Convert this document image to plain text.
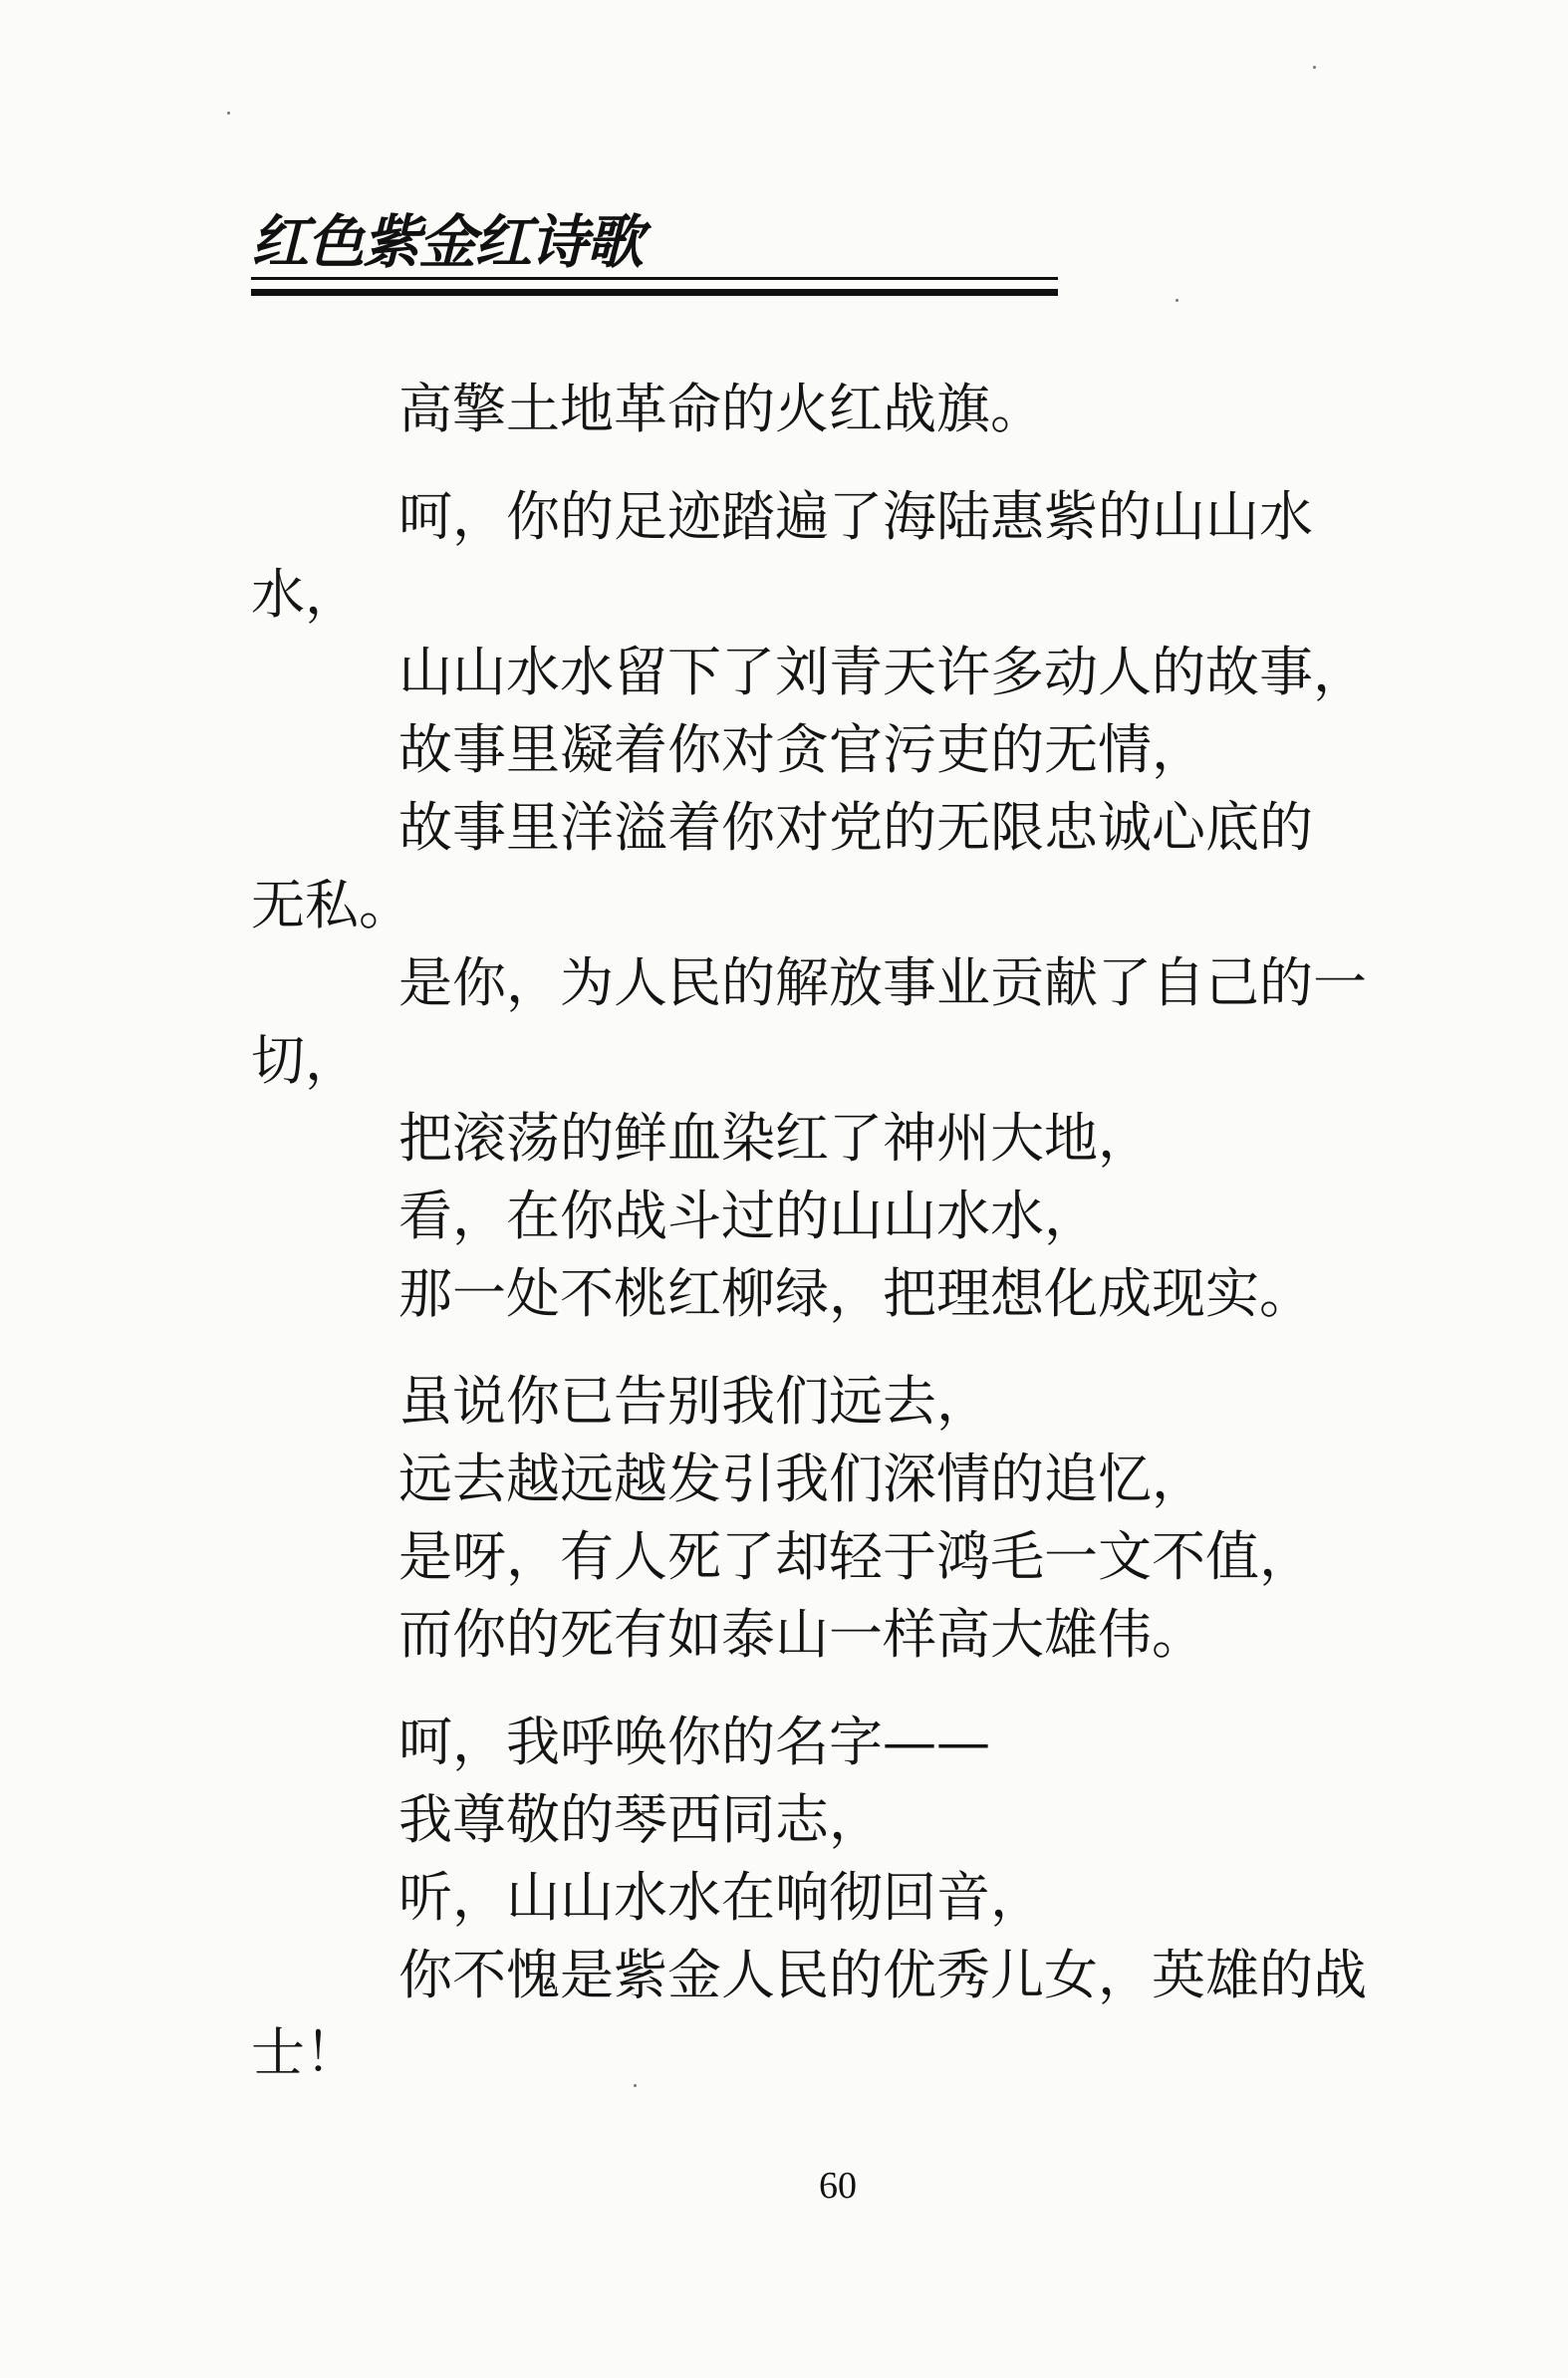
红色紫金红诗歌
高擎土地革命的火红战旗。
呵，你的足迹踏遍了海陆惠紫的山山水
水，
山山水水留下了刘青天许多动人的故事，
故事里凝着你对贪官污吏的无情，
故事里洋溢着你对党的无限忠诚心底的
无私。
是你，为人民的解放事业贡献了自己的一
切，
把滚荡的鲜血染红了神州大地，
看，在你战斗过的山山水水，
那一处不桃红柳绿，把理想化成现实。
虽说你已告别我们远去，
远去越远越发引我们深情的追忆，
是呀，有人死了却轻于鸿毛一文不值，
而你的死有如泰山一样高大雄伟。
呵，我呼唤你的名字——
我尊敬的琴西同志，
听，山山水水在响彻回音，
你不愧是紫金人民的优秀儿女，英雄的战
士！
60
